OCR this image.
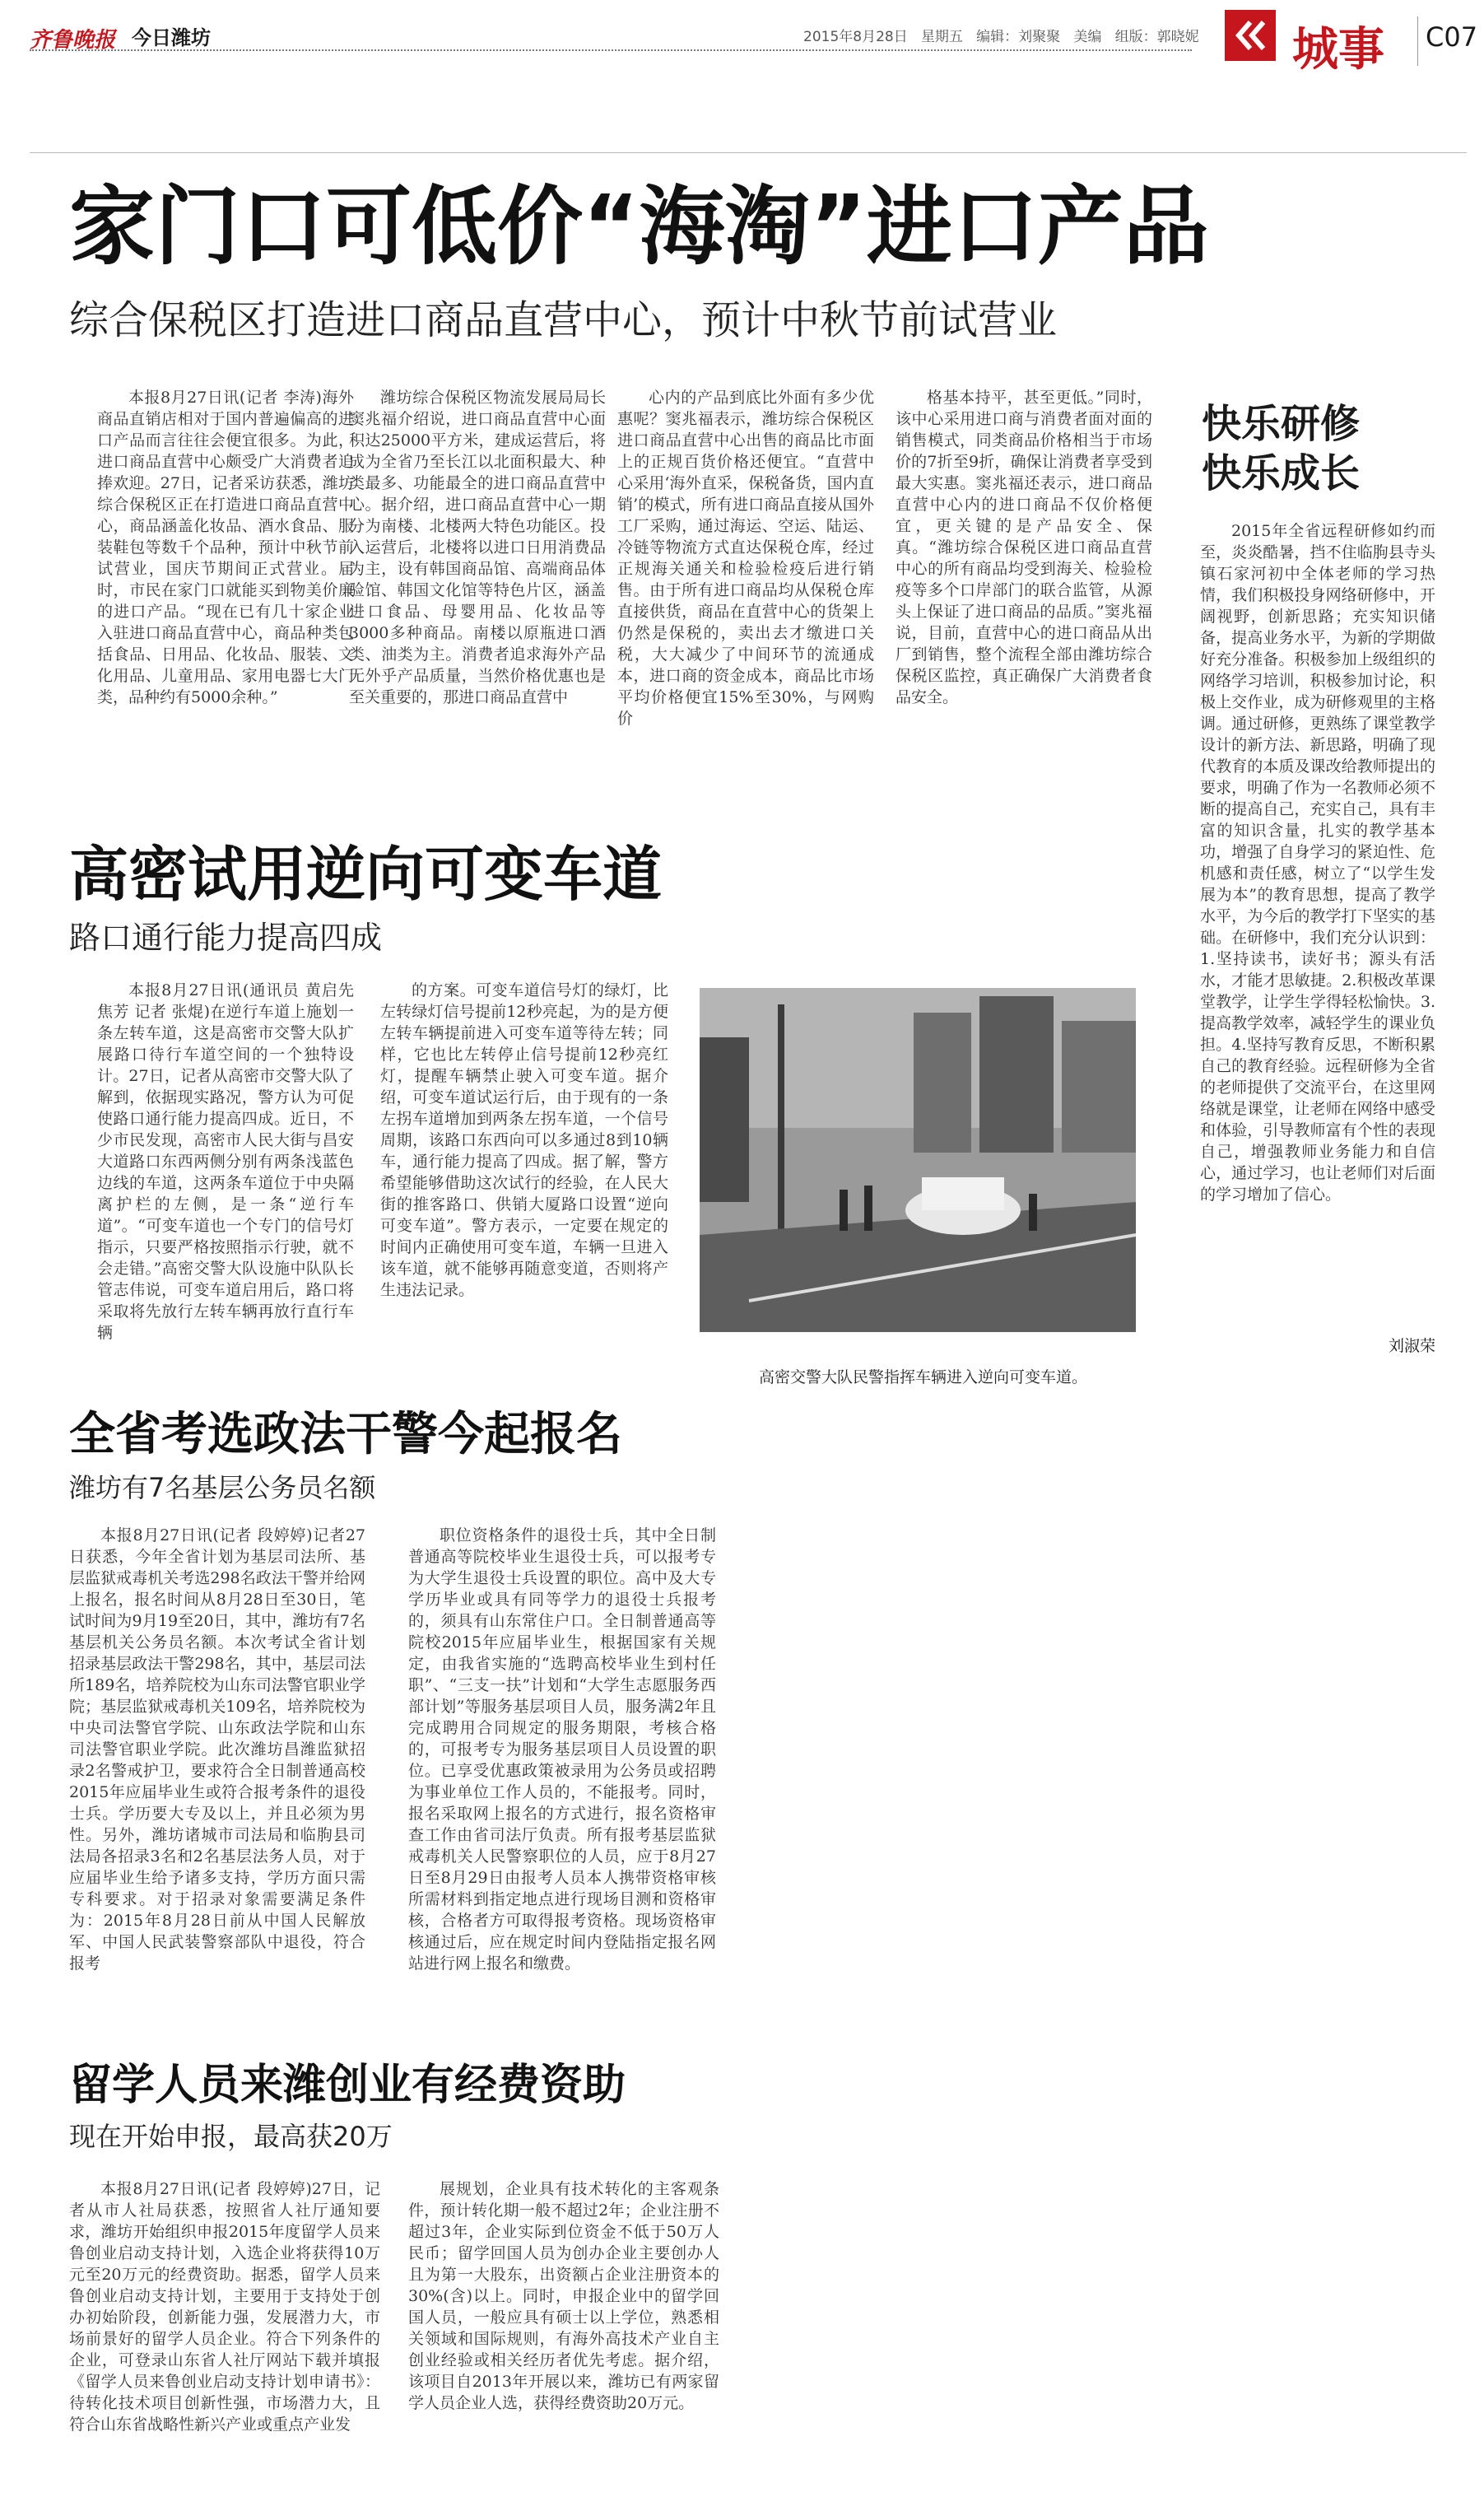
齐鲁晚报 今日潍坊	2015年8月28日 星期五 编辑：刘聚聚 美编 组版：郭晓妮 城事 C07
家门口可低价“海淘”进口产品
综合保税区打造进口商品直营中心，预计中秋节前试营业

本报8月27日讯(记者 李涛)海外商品直销店相对于国内普遍偏高的进口产品而言往往会便宜很多。为此，进口商品直营中心颇受广大消费者追捧欢迎。27日，记者采访获悉，潍坊综合保税区正在打造进口商品直营中心，商品涵盖化妆品、酒水食品、服装鞋包等数千个品种，预计中秋节前试营业，国庆节期间正式营业。届时，市民在家门口就能买到物美价廉的进口产品。“现在已有几十家企业入驻进口商品直营中心，商品种类包括食品、日用品、化妆品、服装、文化用品、儿童用品、家用电器七大门类，品种约有5000余种。”

潍坊综合保税区物流发展局局长窦兆福介绍说，进口商品直营中心面积达25000平方米，建成运营后，将成为全省乃至长江以北面积最大、种类最多、功能最全的进口商品直营中心。据介绍，进口商品直营中心一期分为南楼、北楼两大特色功能区。投入运营后，北楼将以进口日用消费品为主，设有韩国商品馆、高端商品体验馆、韩国文化馆等特色片区，涵盖进口食品、母婴用品、化妆品等3000多种商品。南楼以原瓶进口酒类、油类为主。消费者追求海外产品无外乎产品质量，当然价格优惠也是至关重要的，那进口商品直营中

心内的产品到底比外面有多少优惠呢？窦兆福表示，潍坊综合保税区进口商品直营中心出售的商品比市面上的正规百货价格还便宜。“直营中心采用‘海外直采，保税备货，国内直销’的模式，所有进口商品直接从国外工厂采购，通过海运、空运、陆运、冷链等物流方式直达保税仓库，经过正规海关通关和检验检疫后进行销售。由于所有进口商品均从保税仓库直接供货，商品在直营中心的货架上仍然是保税的，卖出去才缴进口关税，大大减少了中间环节的流通成本，进口商的资金成本，商品比市场平均价格便宜15%至30%，与网购价

格基本持平，甚至更低。”同时，该中心采用进口商与消费者面对面的销售模式，同类商品价格相当于市场价的7折至9折，确保让消费者享受到最大实惠。窦兆福还表示，进口商品直营中心内的进口商品不仅价格便宜，更关键的是产品安全、保真。“潍坊综合保税区进口商品直营中心的所有商品均受到海关、检验检疫等多个口岸部门的联合监管，从源头上保证了进口商品的品质。”窦兆福说，目前，直营中心的进口商品从出厂到销售，整个流程全部由潍坊综合保税区监控，真正确保广大消费者食品安全。

快乐研修
快乐成长

2015年全省远程研修如约而至，炎炎酷暑，挡不住临朐县寺头镇石家河初中全体老师的学习热情，我们积极投身网络研修中，开阔视野，创新思路；充实知识储备，提高业务水平，为新的学期做好充分准备。积极参加上级组织的网络学习培训，积极参加讨论，积极上交作业，成为研修观里的主格调。通过研修，更熟练了课堂教学设计的新方法、新思路，明确了现代教育的本质及课改给教师提出的要求，明确了作为一名教师必须不断的提高自己，充实自己，具有丰富的知识含量，扎实的教学基本功，增强了自身学习的紧迫性、危机感和责任感，树立了“以学生发展为本”的教育思想，提高了教学水平，为今后的教学打下坚实的基础。在研修中，我们充分认识到：1.坚持读书，读好书；源头有活水，才能才思敏捷。2.积极改革课堂教学，让学生学得轻松愉快。3.提高教学效率，减轻学生的课业负担。4.坚持写教育反思，不断积累自己的教育经验。远程研修为全省的老师提供了交流平台，在这里网络就是课堂，让老师在网络中感受和体验，引导教师富有个性的表现自己，增强教师业务能力和自信心，通过学习，也让老师们对后面的学习增加了信心。

刘淑荣
高密试用逆向可变车道
路口通行能力提高四成

本报8月27日讯(通讯员 黄启先 焦芳 记者 张焜)在逆行车道上施划一条左转车道，这是高密市交警大队扩展路口待行车道空间的一个独特设计。27日，记者从高密市交警大队了解到，依据现实路况，警方认为可促使路口通行能力提高四成。近日，不少市民发现，高密市人民大街与昌安大道路口东西两侧分别有两条浅蓝色边线的车道，这两条车道位于中央隔离护栏的左侧，是一条“逆行车道”。“可变车道也一个专门的信号灯指示，只要严格按照指示行驶，就不会走错。”高密交警大队设施中队队长管志伟说，可变车道启用后，路口将采取将先放行左转车辆再放行直行车辆

的方案。可变车道信号灯的绿灯，比左转绿灯信号提前12秒亮起，为的是方便左转车辆提前进入可变车道等待左转；同样，它也比左转停止信号提前12秒亮红灯，提醒车辆禁止驶入可变车道。据介绍，可变车道试运行后，由于现有的一条左拐车道增加到两条左拐车道，一个信号周期，该路口东西向可以多通过8到10辆车，通行能力提高了四成。据了解，警方希望能够借助这次试行的经验，在人民大街的推客路口、供销大厦路口设置“逆向可变车道”。警方表示，一定要在规定的时间内正确使用可变车道，车辆一旦进入该车道，就不能够再随意变道，否则将产生违法记录。

高密交警大队民警指挥车辆进入逆向可变车道。
全省考选政法干警今起报名
潍坊有7名基层公务员名额

本报8月27日讯(记者 段婷婷)记者27日获悉，今年全省计划为基层司法所、基层监狱戒毒机关考选298名政法干警并给网上报名，报名时间从8月28日至30日，笔试时间为9月19至20日，其中，潍坊有7名基层机关公务员名额。本次考试全省计划招录基层政法干警298名，其中，基层司法所189名，培养院校为山东司法警官职业学院；基层监狱戒毒机关109名，培养院校为中央司法警官学院、山东政法学院和山东司法警官职业学院。此次潍坊昌潍监狱招录2名警戒护卫，要求符合全日制普通高校2015年应届毕业生或符合报考条件的退役士兵。学历要大专及以上，并且必须为男性。另外，潍坊诸城市司法局和临朐县司法局各招录3名和2名基层法务人员，对于应届毕业生给予诸多支持，学历方面只需专科要求。对于招录对象需要满足条件为：2015年8月28日前从中国人民解放军、中国人民武装警察部队中退役，符合报考

职位资格条件的退役士兵，其中全日制普通高等院校毕业生退役士兵，可以报考专为大学生退役士兵设置的职位。高中及大专学历毕业或具有同等学力的退役士兵报考的，须具有山东常住户口。全日制普通高等院校2015年应届毕业生，根据国家有关规定，由我省实施的“选聘高校毕业生到村任职”、“三支一扶”计划和“大学生志愿服务西部计划”等服务基层项目人员，服务满2年且完成聘用合同规定的服务期限，考核合格的，可报考专为服务基层项目人员设置的职位。已享受优惠政策被录用为公务员或招聘为事业单位工作人员的，不能报考。同时，报名采取网上报名的方式进行，报名资格审查工作由省司法厅负责。所有报考基层监狱戒毒机关人民警察职位的人员，应于8月27日至8月29日由报考人员本人携带资格审核所需材料到指定地点进行现场目测和资格审核，合格者方可取得报考资格。现场资格审核通过后，应在规定时间内登陆指定报名网站进行网上报名和缴费。

留学人员来潍创业有经费资助
现在开始申报，最高获20万

本报8月27日讯(记者 段婷婷)27日，记者从市人社局获悉，按照省人社厅通知要求，潍坊开始组织申报2015年度留学人员来鲁创业启动支持计划，入选企业将获得10万元至20万元的经费资助。据悉，留学人员来鲁创业启动支持计划，主要用于支持处于创办初始阶段，创新能力强，发展潜力大，市场前景好的留学人员企业。符合下列条件的企业，可登录山东省人社厅网站下载并填报《留学人员来鲁创业启动支持计划申请书》：待转化技术项目创新性强，市场潜力大，且符合山东省战略性新兴产业或重点产业发

展规划，企业具有技术转化的主客观条件，预计转化期一般不超过2年；企业注册不超过3年，企业实际到位资金不低于50万人民币；留学回国人员为创办企业主要创办人且为第一大股东，出资额占企业注册资本的30%(含)以上。同时，申报企业中的留学回国人员，一般应具有硕士以上学位，熟悉相关领域和国际规则，有海外高技术产业自主创业经验或相关经历者优先考虑。据介绍，该项目自2013年开展以来，潍坊已有两家留学人员企业人选，获得经费资助20万元。
